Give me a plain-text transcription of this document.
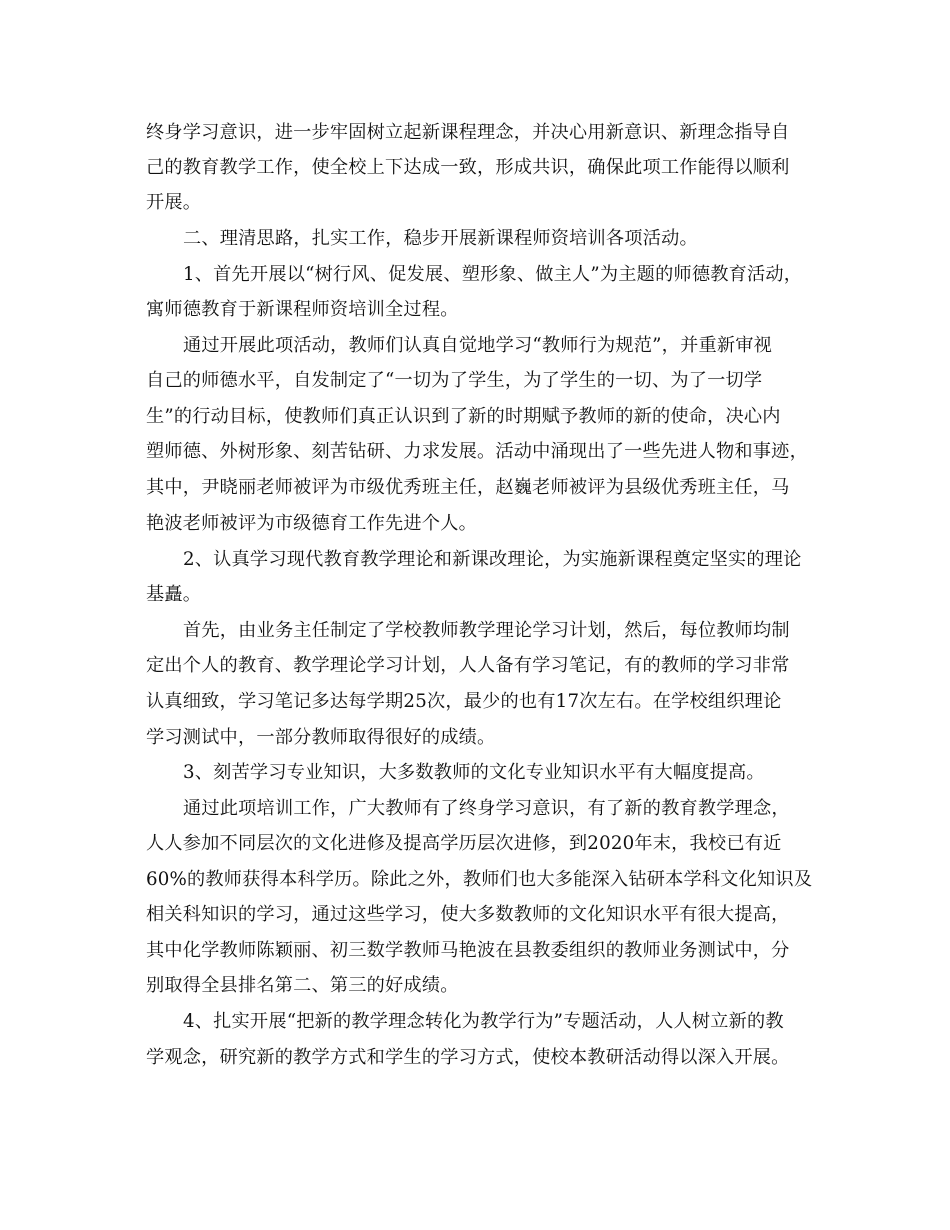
终身学习意识，进一步牢固树立起新课程理念，并决心用新意识、新理念指导自
己的教育教学工作，使全校上下达成一致，形成共识，确保此项工作能得以顺利
开展。
二、理清思路，扎实工作，稳步开展新课程师资培训各项活动。
1、首先开展以“树行风、促发展、塑形象、做主人”为主题的师德教育活动，
寓师德教育于新课程师资培训全过程。
通过开展此项活动，教师们认真自觉地学习“教师行为规范”，并重新审视
自己的师德水平，自发制定了“一切为了学生，为了学生的一切、为了一切学
生”的行动目标，使教师们真正认识到了新的时期赋予教师的新的使命，决心内
塑师德、外树形象、刻苦钻研、力求发展。活动中涌现出了一些先进人物和事迹，
其中，尹晓丽老师被评为市级优秀班主任，赵巍老师被评为县级优秀班主任，马
艳波老师被评为市级德育工作先进个人。
2、认真学习现代教育教学理论和新课改理论，为实施新课程奠定坚实的理论
基矗。
首先，由业务主任制定了学校教师教学理论学习计划，然后，每位教师均制
定出个人的教育、教学理论学习计划，人人备有学习笔记，有的教师的学习非常
认真细致，学习笔记多达每学期25次，最少的也有17次左右。在学校组织理论
学习测试中，一部分教师取得很好的成绩。
3、刻苦学习专业知识，大多数教师的文化专业知识水平有大幅度提高。
通过此项培训工作，广大教师有了终身学习意识，有了新的教育教学理念，
人人参加不同层次的文化进修及提高学历层次进修，到2020年末，我校已有近
60%的教师获得本科学历。除此之外，教师们也大多能深入钻研本学科文化知识及
相关科知识的学习，通过这些学习，使大多数教师的文化知识水平有很大提高，
其中化学教师陈颖丽、初三数学教师马艳波在县教委组织的教师业务测试中，分
别取得全县排名第二、第三的好成绩。
4、扎实开展“把新的教学理念转化为教学行为”专题活动，人人树立新的教
学观念，研究新的教学方式和学生的学习方式，使校本教研活动得以深入开展。
